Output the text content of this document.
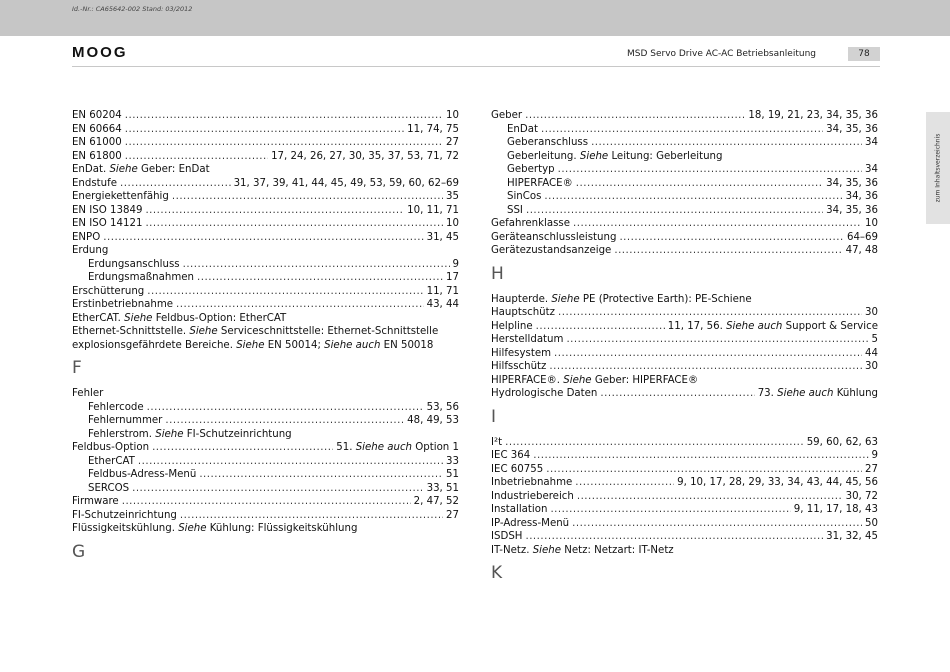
Id.-Nr.: CA65642-002 Stand: 03/2012
MOOG	MSD Servo Drive AC-AC Betriebsanleitung	78
zum Inhaltsverzeichnis
EN 60204 .....	10
EN 60664 .....	11, 74, 75
EN 61000 .....	27
EN 61800 .....	17, 24, 26, 27, 30, 35, 37, 53, 71, 72
EnDat. Siehe Geber: EnDat
Endstufe .....	31, 37, 39, 41, 44, 45, 49, 53, 59, 60, 62–69
Energiekettenfähig .....	35
EN ISO 13849 .....	10, 11, 71
EN ISO 14121 .....	10
ENPO .....	31, 45
Erdung
Erdungsanschluss .....	9
Erdungsmaßnahmen .....	17
Erschütterung .....	11, 71
Erstinbetriebnahme .....	43, 44
EtherCAT. Siehe Feldbus-Option: EtherCAT
Ethernet-Schnittstelle. Siehe Serviceschnittstelle: Ethernet-Schnittstelle
explosionsgefährdete Bereiche. Siehe EN 50014; Siehe auch EN 50018
F
Fehler
Fehlercode .....	53, 56
Fehlernummer .....	48, 49, 53
Fehlerstrom. Siehe FI-Schutzeinrichtung
Feldbus-Option .....	51. Siehe auch Option 1
EtherCAT .....	33
Feldbus-Adress-Menü .....	51
SERCOS .....	33, 51
Firmware .....	2, 47, 52
FI-Schutzeinrichtung .....	27
Flüssigkeitskühlung. Siehe Kühlung: Flüssigkeitskühlung
G
Geber .....	18, 19, 21, 23, 34, 35, 36
EnDat .....	34, 35, 36
Geberanschluss .....	34
Geberleitung. Siehe Leitung: Geberleitung
Gebertyp .....	34
HIPERFACE® .....	34, 35, 36
SinCos .....	34, 36
SSI .....	34, 35, 36
Gefahrenklasse .....	10
Geräteanschlussleistung .....	64–69
Gerätezustandsanzeige .....	47, 48
H
Haupterde. Siehe PE (Protective Earth): PE-Schiene
Hauptschütz .....	30
Helpline .....	11, 17, 56. Siehe auch Support & Service
Herstelldatum .....	5
Hilfesystem .....	44
Hilfsschütz .....	30
HIPERFACE®. Siehe Geber: HIPERFACE®
Hydrologische Daten .....	73. Siehe auch Kühlung
I
I²t .....	59, 60, 62, 63
IEC 364 .....	9
IEC 60755 .....	27
Inbetriebnahme .....	9, 10, 17, 28, 29, 33, 34, 43, 44, 45, 56
Industriebereich .....	30, 72
Installation .....	9, 11, 17, 18, 43
IP-Adress-Menü .....	50
ISDSH .....	31, 32, 45
IT-Netz. Siehe Netz: Netzart: IT-Netz
K
